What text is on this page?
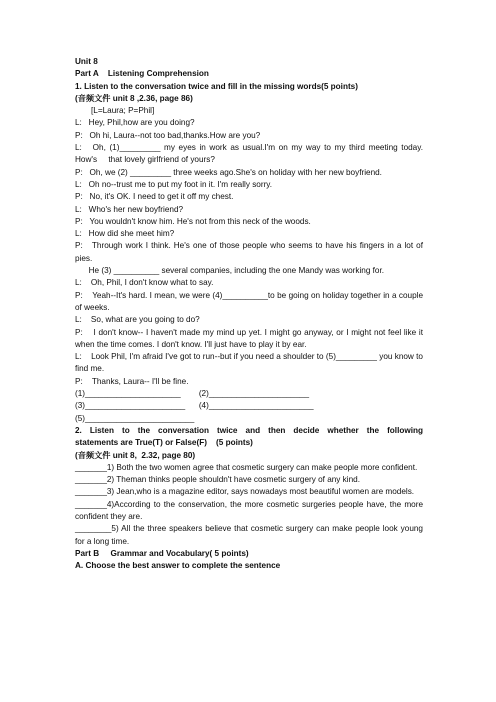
Unit 8
Part A    Listening Comprehension
1. Listen to the conversation twice and fill in the missing words(5 points)
(音频文件 unit 8 ,2.36, page 86)
[L=Laura; P=Phil]
L:   Hey, Phil,how are you doing?
P:   Oh hi, Laura--not too bad,thanks.How are you?
L:   Oh, (1)_________ my eyes in work as usual.I'm on my way to my third meeting today. How's     that lovely girlfriend of yours?
P:   Oh, we (2) _________ three weeks ago.She's on holiday with her new boyfriend.
L:   Oh no--trust me to put my foot in it. I'm really sorry.
P:   No, it's OK. I need to get it off my chest.
L:   Who's her new boyfriend?
P:   You wouldn't know him. He's not from this neck of the woods.
L:   How did she meet him?
P:   Through work I think. He's one of those people who seems to have his fingers in a lot of pies.
He (3) __________ several companies, including the one Mandy was working for.
L:    Oh, Phil, I don't know what to say.
P:    Yeah--It's hard. I mean, we were (4)__________to be going on holiday together in a couple of weeks.
L:    So, what are you going to do?
P:    I don't know-- I haven't made my mind up yet. I might go anyway, or I might not feel like it when the time comes. I don't know. I'll just have to play it by ear.
L:    Look Phil, I'm afraid I've got to run--but if you need a shoulder to (5)_________ you know to find me.
P:    Thanks, Laura-- I'll be fine.
(1)_____________________        (2)______________________
(3)______________________      (4)_______________________
(5)________________________
2.  Listen  to  the  conversation  twice  and  then  decide  whether  the  following statements are True(T) or False(F)    (5 points)
(音频文件 unit 8,  2.32, page 80)
_______1) Both the two women agree that cosmetic surgery can make people more confident.
_______2) Theman thinks people shouldn't have cosmetic surgery of any kind.
_______3) Jean,who is a magazine editor, says nowadays most beautiful women are models.
_______4)According to the conservation, the more cosmetic surgeries people have, the more confident they are.
________5) All the three speakers believe that cosmetic surgery can make people look young for a long time.
Part B     Grammar and Vocabulary( 5 points)
A. Choose the best answer to complete the sentence
